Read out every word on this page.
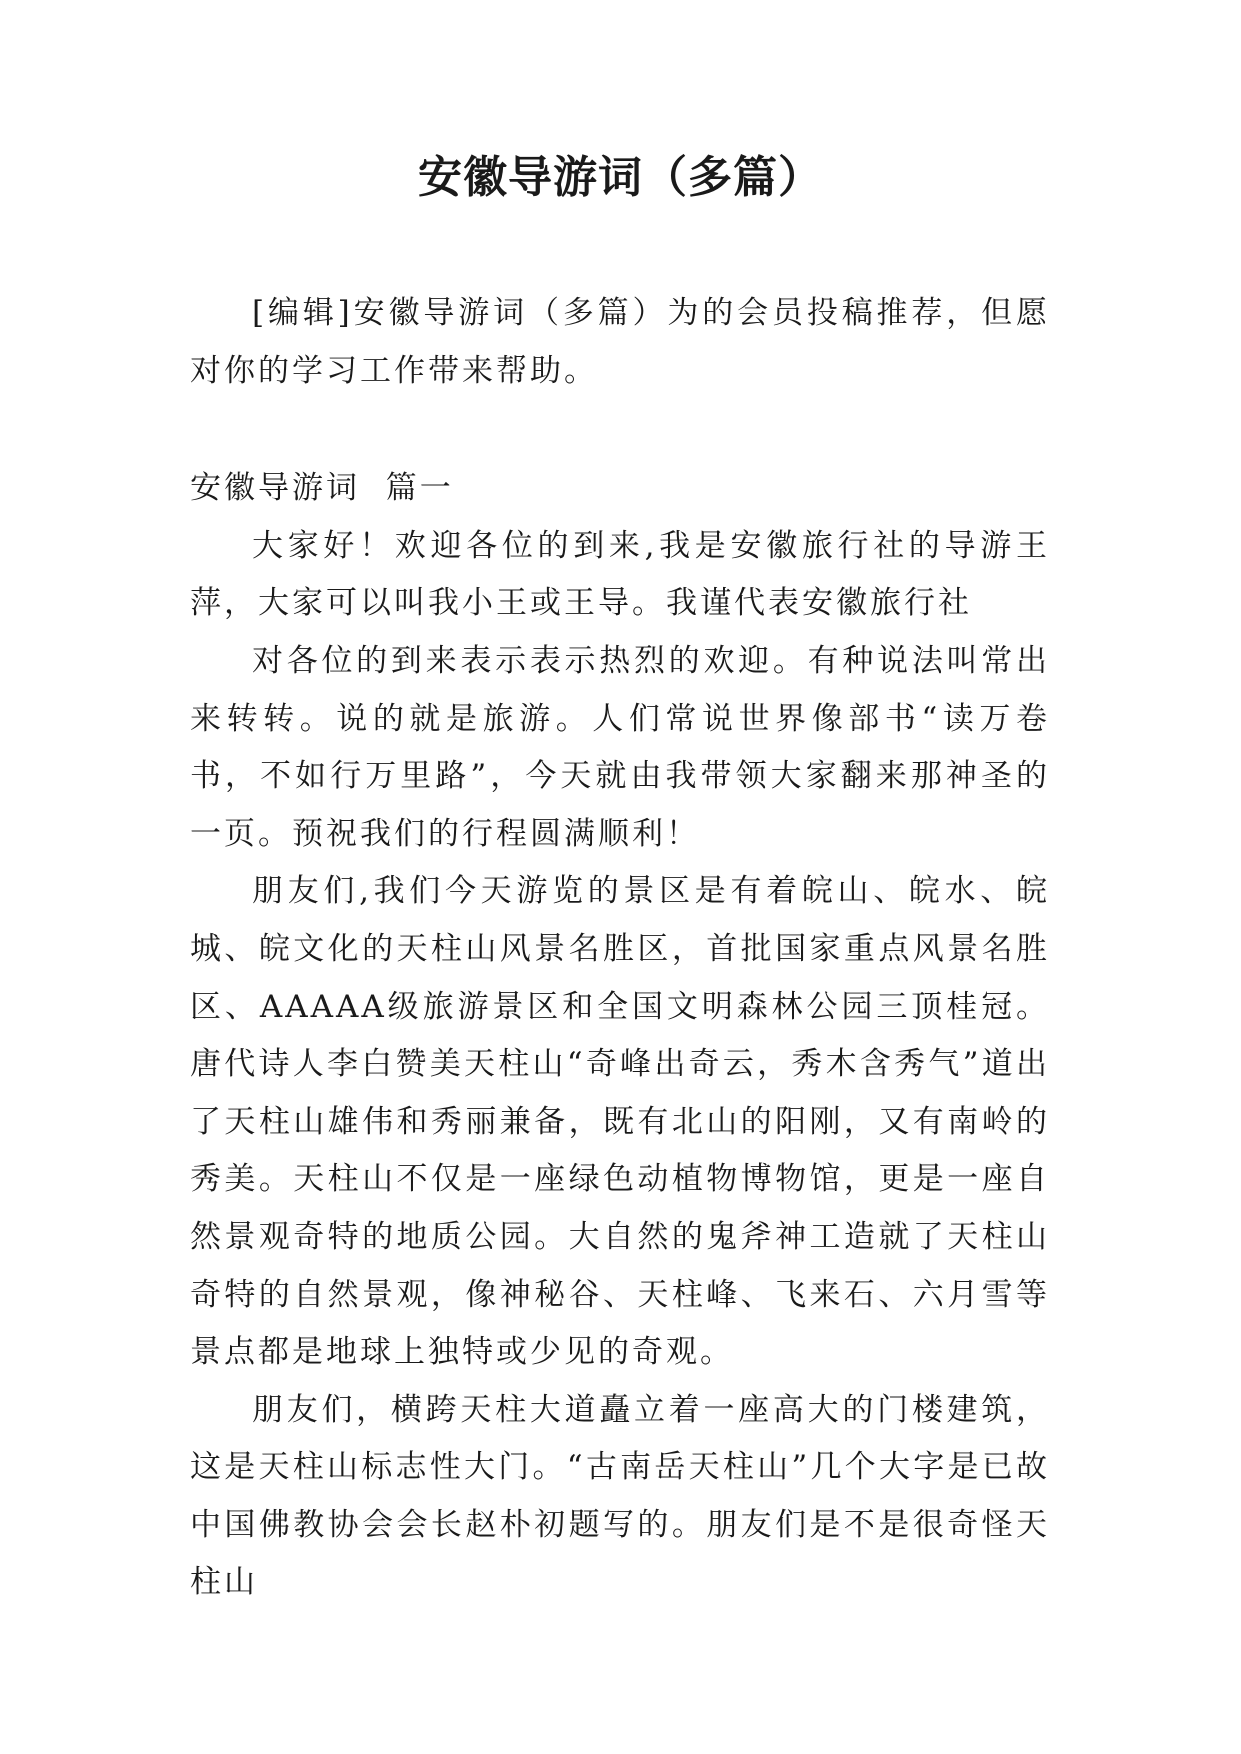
安徽导游词（多篇）

[编辑]安徽导游词（多篇）为的会员投稿推荐，但愿对你的学习工作带来帮助。

安徽导游词  篇一

大家好！欢迎各位的到来,我是安徽旅行社的导游王萍，大家可以叫我小王或王导。我谨代表安徽旅行社

对各位的到来表示表示热烈的欢迎。有种说法叫常出来转转。说的就是旅游。人们常说世界像部书“读万卷书，不如行万里路”，今天就由我带领大家翻来那神圣的一页。预祝我们的行程圆满顺利！

朋友们,我们今天游览的景区是有着皖山、皖水、皖城、皖文化的天柱山风景名胜区，首批国家重点风景名胜区、AAAAA级旅游景区和全国文明森林公园三顶桂冠。唐代诗人李白赞美天柱山“奇峰出奇云，秀木含秀气”道出了天柱山雄伟和秀丽兼备，既有北山的阳刚，又有南岭的秀美。天柱山不仅是一座绿色动植物博物馆，更是一座自然景观奇特的地质公园。大自然的鬼斧神工造就了天柱山奇特的自然景观，像神秘谷、天柱峰、飞来石、六月雪等景点都是地球上独特或少见的奇观。

朋友们，横跨天柱大道矗立着一座高大的门楼建筑，这是天柱山标志性大门。“古南岳天柱山”几个大字是已故中国佛教协会会长赵朴初题写的。朋友们是不是很奇怪天柱山
